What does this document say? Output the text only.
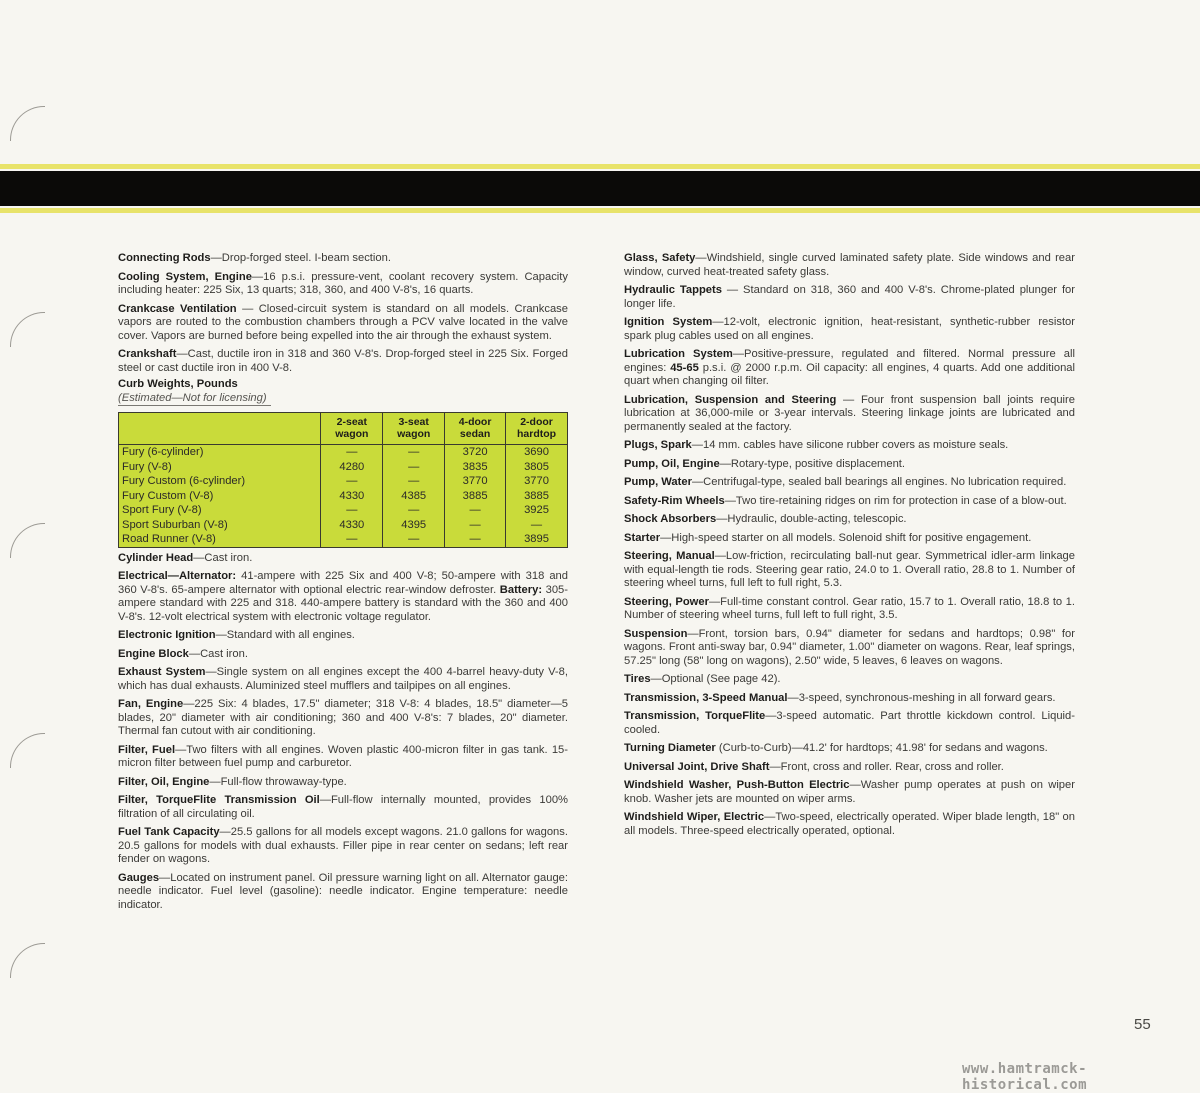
Connecting Rods—Drop-forged steel. I-beam section.

Cooling System, Engine—16 p.s.i. pressure-vent, coolant recovery system. Capacity including heater: 225 Six, 13 quarts; 318, 360, and 400 V-8's, 16 quarts.

Crankcase Ventilation — Closed-circuit system is standard on all models. Crankcase vapors are routed to the combustion chambers through a PCV valve located in the valve cover. Vapors are burned before being expelled into the air through the exhaust system.

Crankshaft—Cast, ductile iron in 318 and 360 V-8's. Drop-forged steel in 225 Six. Forged steel or cast ductile iron in 400 V-8.

Curb Weights, Pounds

(Estimated—Not for licensing)
	2-seat wagon	3-seat wagon	4-door sedan	2-door hardtop
Fury (6-cylinder)	—	—	3720	3690
Fury (V-8)	4280	—	3835	3805
Fury Custom (6-cylinder)	—	—	3770	3770
Fury Custom (V-8)	4330	4385	3885	3885
Sport Fury (V-8)	—	—	—	3925
Sport Suburban (V-8)	4330	4395	—	—
Road Runner (V-8)	—	—	—	3895

Cylinder Head—Cast iron.

Electrical—Alternator: 41-ampere with 225 Six and 400 V-8; 50-ampere with 318 and 360 V-8's. 65-ampere alternator with optional electric rear-window defroster. Battery: 305-ampere standard with 225 and 318. 440-ampere battery is standard with the 360 and 400 V-8's. 12-volt electrical system with electronic voltage regulator.

Electronic Ignition—Standard with all engines.

Engine Block—Cast iron.

Exhaust System—Single system on all engines except the 400 4-barrel heavy-duty V-8, which has dual exhausts. Aluminized steel mufflers and tailpipes on all engines.

Fan, Engine—225 Six: 4 blades, 17.5" diameter; 318 V-8: 4 blades, 18.5" diameter—5 blades, 20" diameter with air conditioning; 360 and 400 V-8's: 7 blades, 20" diameter. Thermal fan cutout with air conditioning.

Filter, Fuel—Two filters with all engines. Woven plastic 400-micron filter in gas tank. 15-micron filter between fuel pump and carburetor.

Filter, Oil, Engine—Full-flow throwaway-type.

Filter, TorqueFlite Transmission Oil—Full-flow internally mounted, provides 100% filtration of all circulating oil.

Fuel Tank Capacity—25.5 gallons for all models except wagons. 21.0 gallons for wagons. 20.5 gallons for models with dual exhausts. Filler pipe in rear center on sedans; left rear fender on wagons.

Gauges—Located on instrument panel. Oil pressure warning light on all. Alternator gauge: needle indicator. Fuel level (gasoline): needle indicator. Engine temperature: needle indicator.

Glass, Safety—Windshield, single curved laminated safety plate. Side windows and rear window, curved heat-treated safety glass.

Hydraulic Tappets — Standard on 318, 360 and 400 V-8's. Chrome-plated plunger for longer life.

Ignition System—12-volt, electronic ignition, heat-resistant, synthetic-rubber resistor spark plug cables used on all engines.

Lubrication System—Positive-pressure, regulated and filtered. Normal pressure all engines: 45-65 p.s.i. @ 2000 r.p.m. Oil capacity: all engines, 4 quarts. Add one additional quart when changing oil filter.

Lubrication, Suspension and Steering — Four front suspension ball joints require lubrication at 36,000-mile or 3-year intervals. Steering linkage joints are lubricated and permanently sealed at the factory.

Plugs, Spark—14 mm. cables have silicone rubber covers as moisture seals.

Pump, Oil, Engine—Rotary-type, positive displacement.

Pump, Water—Centrifugal-type, sealed ball bearings all engines. No lubrication required.

Safety-Rim Wheels—Two tire-retaining ridges on rim for protection in case of a blow-out.

Shock Absorbers—Hydraulic, double-acting, telescopic.

Starter—High-speed starter on all models. Solenoid shift for positive engagement.

Steering, Manual—Low-friction, recirculating ball-nut gear. Symmetrical idler-arm linkage with equal-length tie rods. Steering gear ratio, 24.0 to 1. Overall ratio, 28.8 to 1. Number of steering wheel turns, full left to full right, 5.3.

Steering, Power—Full-time constant control. Gear ratio, 15.7 to 1. Overall ratio, 18.8 to 1. Number of steering wheel turns, full left to full right, 3.5.

Suspension—Front, torsion bars, 0.94" diameter for sedans and hardtops; 0.98" for wagons. Front anti-sway bar, 0.94" diameter, 1.00" diameter on wagons. Rear, leaf springs, 57.25" long (58" long on wagons), 2.50" wide, 5 leaves, 6 leaves on wagons.

Tires—Optional (See page 42).

Transmission, 3-Speed Manual—3-speed, synchronous-meshing in all forward gears.

Transmission, TorqueFlite—3-speed automatic. Part throttle kickdown control. Liquid-cooled.

Turning Diameter (Curb-to-Curb)—41.2' for hardtops; 41.98' for sedans and wagons.

Universal Joint, Drive Shaft—Front, cross and roller. Rear, cross and roller.

Windshield Washer, Push-Button Electric—Washer pump operates at push on wiper knob. Washer jets are mounted on wiper arms.

Windshield Wiper, Electric—Two-speed, electrically operated. Wiper blade length, 18" on all models. Three-speed electrically operated, optional.

55
www.hamtramck-historical.com
